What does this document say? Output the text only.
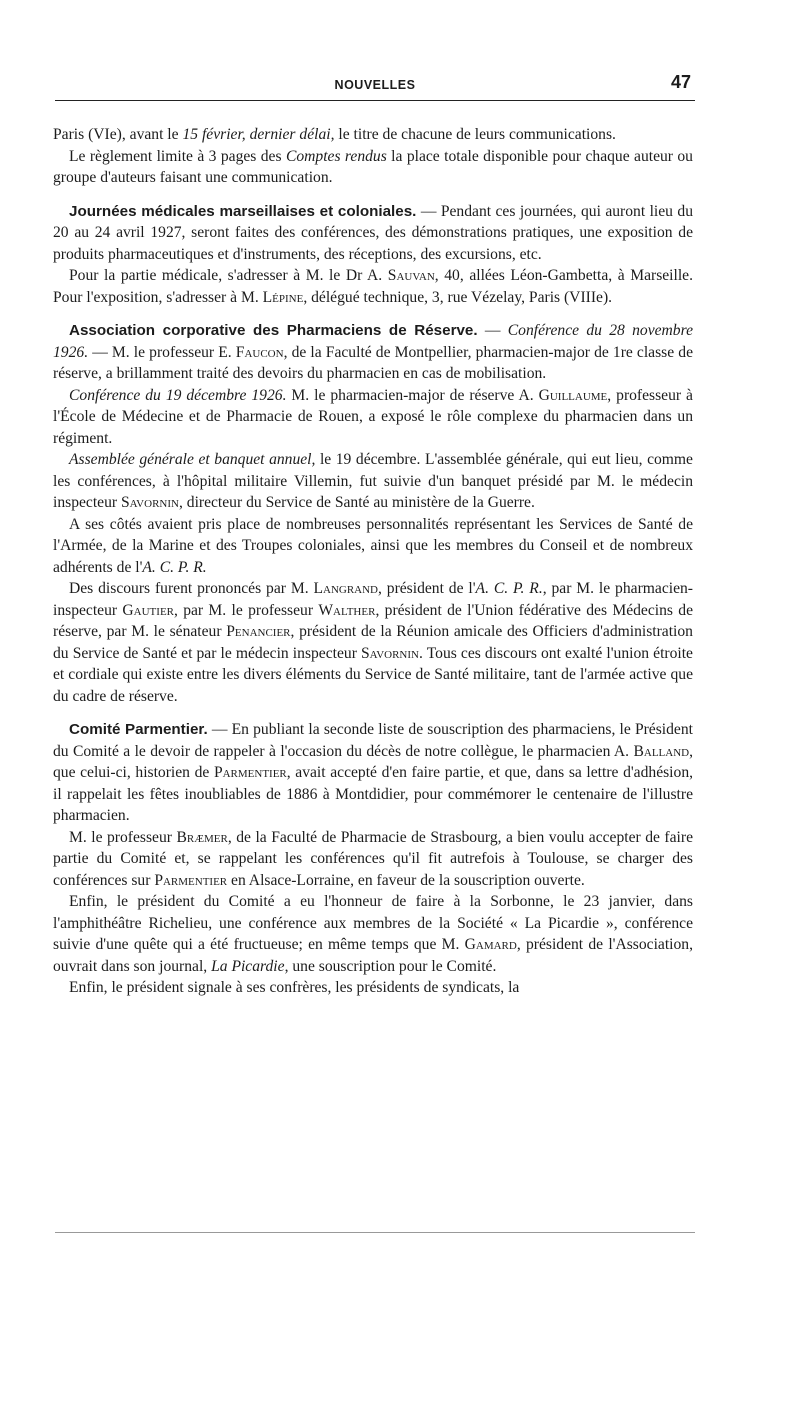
NOUVELLES	47

Paris (VIe), avant le 15 février, dernier délai, le titre de chacune de leurs communications.

Le règlement limite à 3 pages des Comptes rendus la place totale disponible pour chaque auteur ou groupe d'auteurs faisant une communication.

Journées médicales marseillaises et coloniales. — Pendant ces journées, qui auront lieu du 20 au 24 avril 1927, seront faites des conférences, des démonstrations pratiques, une exposition de produits pharmaceutiques et d'instruments, des réceptions, des excursions, etc.

Pour la partie médicale, s'adresser à M. le Dr A. Sauvan, 40, allées Léon-Gambetta, à Marseille. Pour l'exposition, s'adresser à M. Lépine, délégué technique, 3, rue Vézelay, Paris (VIIIe).

Association corporative des Pharmaciens de Réserve. — Conférence du 28 novembre 1926. — M. le professeur E. Faucon, de la Faculté de Montpellier, pharmacien-major de 1re classe de réserve, a brillamment traité des devoirs du pharmacien en cas de mobilisation.

Conférence du 19 décembre 1926. M. le pharmacien-major de réserve A. Guillaume, professeur à l'École de Médecine et de Pharmacie de Rouen, a exposé le rôle complexe du pharmacien dans un régiment.

Assemblée générale et banquet annuel, le 19 décembre. L'assemblée générale, qui eut lieu, comme les conférences, à l'hôpital militaire Villemin, fut suivie d'un banquet présidé par M. le médecin inspecteur Savornin, directeur du Service de Santé au ministère de la Guerre.

A ses côtés avaient pris place de nombreuses personnalités représentant les Services de Santé de l'Armée, de la Marine et des Troupes coloniales, ainsi que les membres du Conseil et de nombreux adhérents de l'A. C. P. R.

Des discours furent prononcés par M. Langrand, président de l'A. C. P. R., par M. le pharmacien-inspecteur Gautier, par M. le professeur Walther, président de l'Union fédérative des Médecins de réserve, par M. le sénateur Penancier, président de la Réunion amicale des Officiers d'administration du Service de Santé et par le médecin inspecteur Savornin. Tous ces discours ont exalté l'union étroite et cordiale qui existe entre les divers éléments du Service de Santé militaire, tant de l'armée active que du cadre de réserve.

Comité Parmentier. — En publiant la seconde liste de souscription des pharmaciens, le Président du Comité a le devoir de rappeler à l'occasion du décès de notre collègue, le pharmacien A. Balland, que celui-ci, historien de Parmentier, avait accepté d'en faire partie, et que, dans sa lettre d'adhésion, il rappelait les fêtes inoubliables de 1886 à Montdidier, pour commémorer le centenaire de l'illustre pharmacien.

M. le professeur Bræmer, de la Faculté de Pharmacie de Strasbourg, a bien voulu accepter de faire partie du Comité et, se rappelant les conférences qu'il fit autrefois à Toulouse, se charger des conférences sur Parmentier en Alsace-Lorraine, en faveur de la souscription ouverte.

Enfin, le président du Comité a eu l'honneur de faire à la Sorbonne, le 23 janvier, dans l'amphithéâtre Richelieu, une conférence aux membres de la Société « La Picardie », conférence suivie d'une quête qui a été fructueuse; en même temps que M. Gamard, président de l'Association, ouvrait dans son journal, La Picardie, une souscription pour le Comité.

Enfin, le président signale à ses confrères, les présidents de syndicats, la
